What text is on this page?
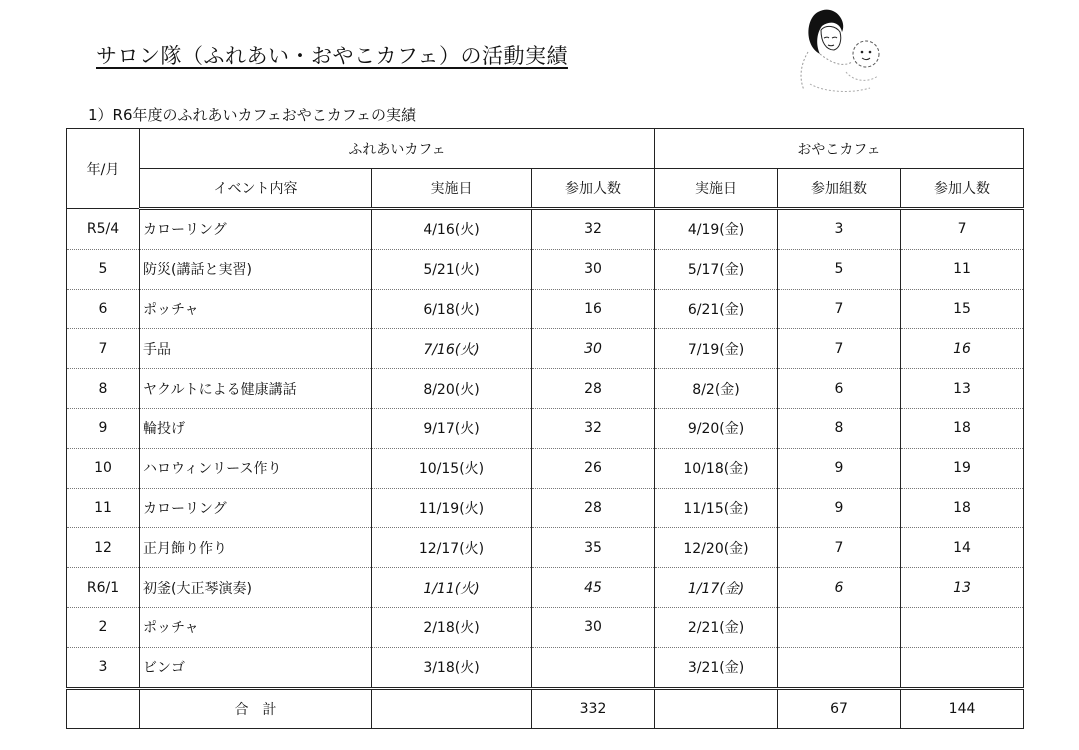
サロン隊（ふれあい・おやこカフェ）の活動実績
1）R6年度のふれあいカフェおやこカフェの実績
年/月	ふれあいカフェ			おやこカフェ		
	イベント内容	実施日	参加人数	実施日	参加組数	参加人数
R5/4	カローリング	4/16(火)	32	4/19(金)	3	7
5	防災(講話と実習)	5/21(火)	30	5/17(金)	5	11
6	ポッチャ	6/18(火)	16	6/21(金)	7	15
7	手品	7/16(火)	30	7/19(金)	7	16
8	ヤクルトによる健康講話	8/20(火)	28	8/2(金)	6	13
9	輪投げ	9/17(火)	32	9/20(金)	8	18
10	ハロウィンリース作り	10/15(火)	26	10/18(金)	9	19
11	カローリング	11/19(火)	28	11/15(金)	9	18
12	正月飾り作り	12/17(火)	35	12/20(金)	7	14
R6/1	初釜(大正琴演奏)	1/11(火)	45	1/17(金)	6	13
2	ポッチャ	2/18(火)	30	2/21(金)		
3	ビンゴ	3/18(火)		3/21(金)		
	合　計		332		67	144
